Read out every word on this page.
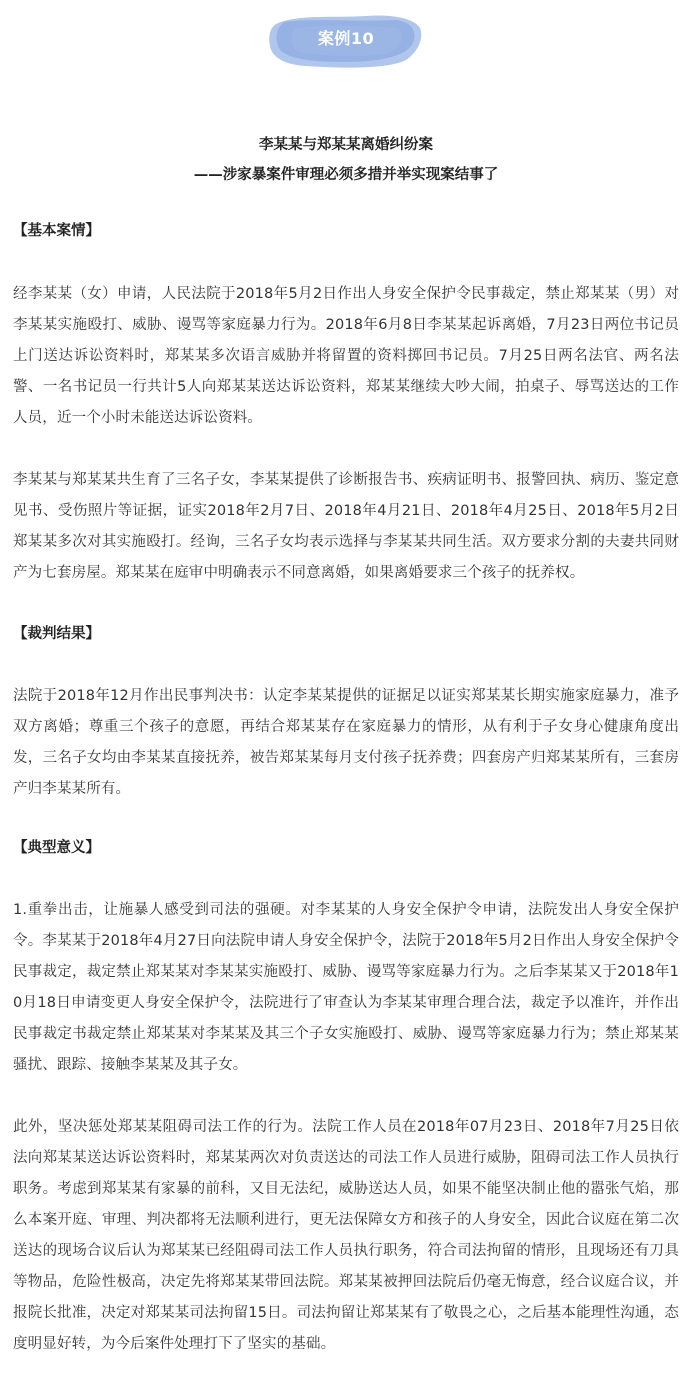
案例10
李某某与郑某某离婚纠纷案
——涉家暴案件审理必须多措并举实现案结事了

【基本案情】

经李某某（女）申请，人民法院于2018年5月2日作出人身安全保护令民事裁定，禁止郑某某（男）对李某某实施殴打、威胁、谩骂等家庭暴力行为。2018年6月8日李某某起诉离婚，7月23日两位书记员上门送达诉讼资料时，郑某某多次语言威胁并将留置的资料掷回书记员。7月25日两名法官、两名法警、一名书记员一行共计5人向郑某某送达诉讼资料，郑某某继续大吵大闹，拍桌子、辱骂送达的工作人员，近一个小时未能送达诉讼资料。

李某某与郑某某共生育了三名子女，李某某提供了诊断报告书、疾病证明书、报警回执、病历、鉴定意见书、受伤照片等证据，证实2018年2月7日、2018年4月21日、2018年4月25日、2018年5月2日郑某某多次对其实施殴打。经询，三名子女均表示选择与李某某共同生活。双方要求分割的夫妻共同财产为七套房屋。郑某某在庭审中明确表示不同意离婚，如果离婚要求三个孩子的抚养权。

【裁判结果】

法院于2018年12月作出民事判决书：认定李某某提供的证据足以证实郑某某长期实施家庭暴力，准予双方离婚；尊重三个孩子的意愿，再结合郑某某存在家庭暴力的情形，从有利于子女身心健康角度出发，三名子女均由李某某直接抚养，被告郑某某每月支付孩子抚养费；四套房产归郑某某所有，三套房产归李某某所有。

【典型意义】

1.重拳出击，让施暴人感受到司法的强硬。对李某某的人身安全保护令申请，法院发出人身安全保护令。李某某于2018年4月27日向法院申请人身安全保护令，法院于2018年5月2日作出人身安全保护令民事裁定，裁定禁止郑某某对李某某实施殴打、威胁、谩骂等家庭暴力行为。之后李某某又于2018年10月18日申请变更人身安全保护令，法院进行了审查认为李某某审理合理合法，裁定予以准许，并作出民事裁定书裁定禁止郑某某对李某某及其三个子女实施殴打、威胁、谩骂等家庭暴力行为；禁止郑某某骚扰、跟踪、接触李某某及其子女。

此外，坚决惩处郑某某阻碍司法工作的行为。法院工作人员在2018年07月23日、2018年7月25日依法向郑某某送达诉讼资料时，郑某某两次对负责送达的司法工作人员进行威胁，阻碍司法工作人员执行职务。考虑到郑某某有家暴的前科，又目无法纪，威胁送达人员，如果不能坚决制止他的嚣张气焰，那么本案开庭、审理、判决都将无法顺利进行，更无法保障女方和孩子的人身安全，因此合议庭在第二次送达的现场合议后认为郑某某已经阻碍司法工作人员执行职务，符合司法拘留的情形，且现场还有刀具等物品，危险性极高，决定先将郑某某带回法院。郑某某被押回法院后仍毫无悔意，经合议庭合议，并报院长批准，决定对郑某某司法拘留15日。司法拘留让郑某某有了敬畏之心，之后基本能理性沟通，态度明显好转，为今后案件处理打下了坚实的基础。
